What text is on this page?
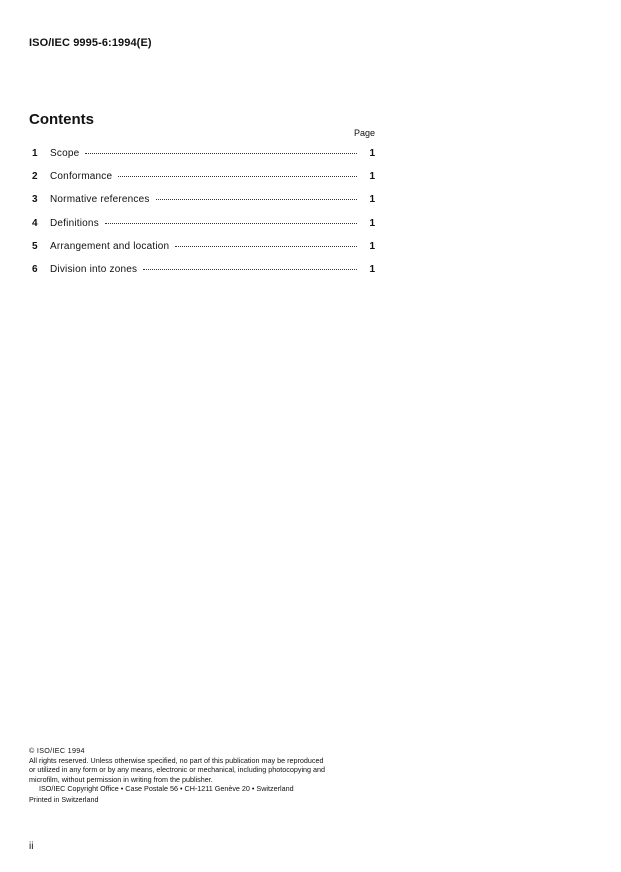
ISO/IEC 9995-6:1994(E)
Contents
Page
1	Scope	1
2	Conformance	1
3	Normative references	1
4	Definitions	1
5	Arrangement and location	1
6	Division into zones	1
© ISO/IEC 1994
All rights reserved. Unless otherwise specified, no part of this publication may be reproduced
or utilized in any form or by any means, electronic or mechanical, including photocopying and
microfilm, without permission in writing from the publisher.
ISO/IEC Copyright Office • Case Postale 56 • CH-1211 Genève 20 • Switzerland
Printed in Switzerland
ii
